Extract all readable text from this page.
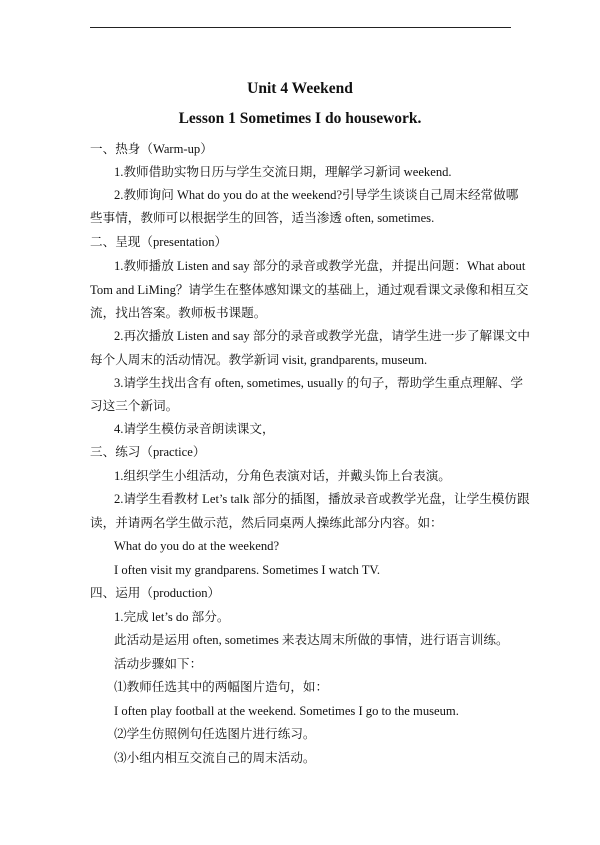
Unit 4 Weekend
Lesson 1 Sometimes I do housework.
一、热身（Warm-up）
1.教师借助实物日历与学生交流日期，理解学习新词 weekend.
2.教师询问 What do you do at the weekend?引导学生谈谈自己周末经常做哪
些事情，教师可以根据学生的回答，适当渗透 often, sometimes.
二、呈现（presentation）
1.教师播放 Listen and say 部分的录音或教学光盘，并提出问题：What about
Tom and LiMing？请学生在整体感知课文的基础上，通过观看课文录像和相互交
流，找出答案。教师板书课题。
2.再次播放 Listen and say 部分的录音或教学光盘，请学生进一步了解课文中
每个人周末的活动情况。教学新词 visit, grandparents, museum.
3.请学生找出含有 often, sometimes, usually 的句子，帮助学生重点理解、学
习这三个新词。
4.请学生模仿录音朗读课文，
三、练习（practice）
1.组织学生小组活动，分角色表演对话，并戴头饰上台表演。
2.请学生看教材 Let’s talk 部分的插图，播放录音或教学光盘，让学生模仿跟
读，并请两名学生做示范，然后同桌两人操练此部分内容。如：
What do you do at the weekend?
I often visit my grandparens. Sometimes I watch TV.
四、运用（production）
1.完成 let’s do 部分。
此活动是运用 often, sometimes 来表达周末所做的事情，进行语言训练。
活动步骤如下：
⑴教师任选其中的两幅图片造句，如：
I often play football at the weekend. Sometimes I go to the museum.
⑵学生仿照例句任选图片进行练习。
⑶小组内相互交流自己的周末活动。
